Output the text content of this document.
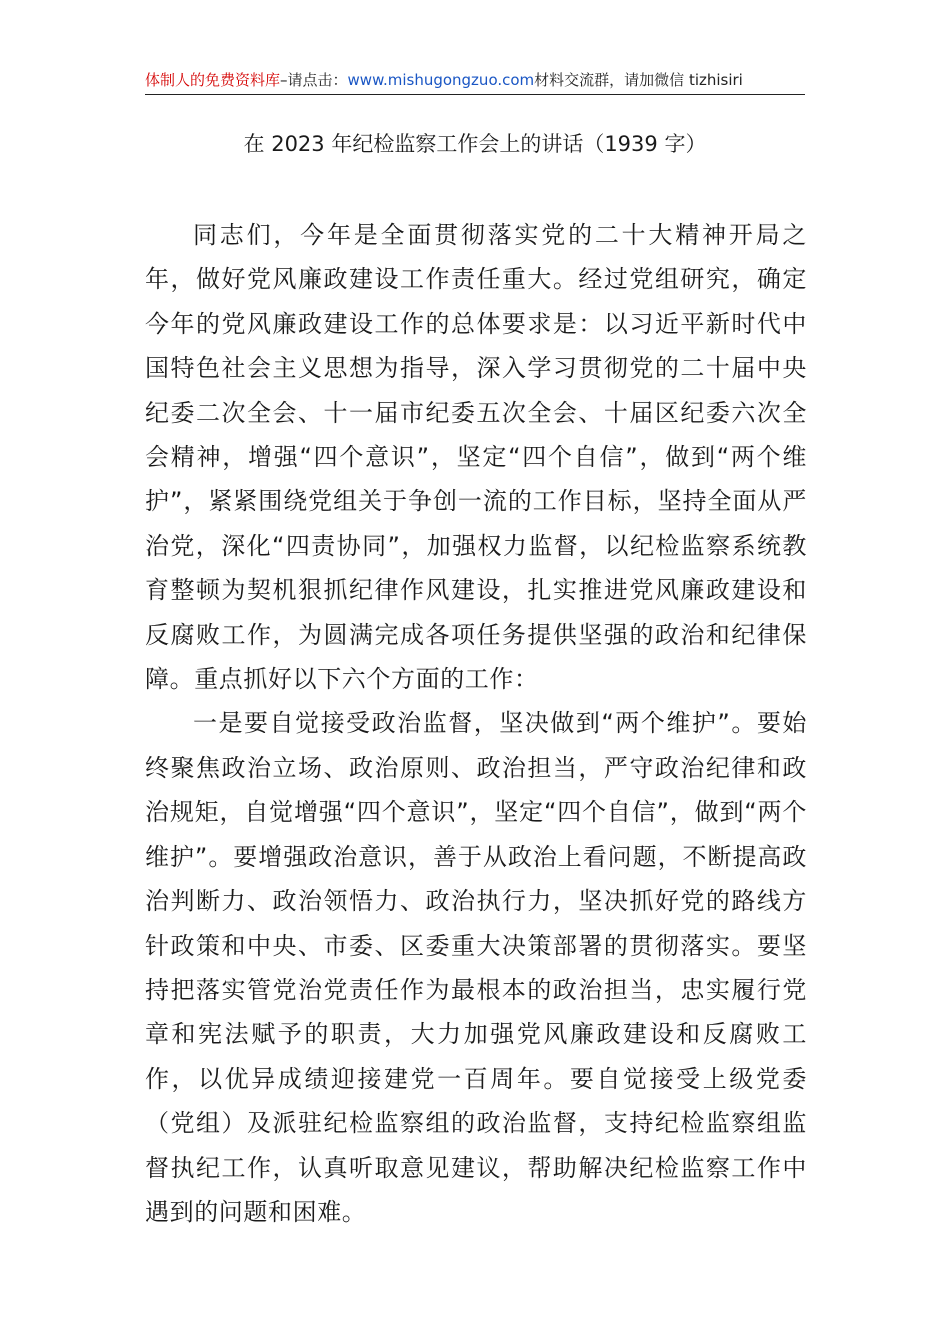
体制人的免费资料库–请点击：www.mishugongzuo.com材料交流群，请加微信 tizhisiri
在 2023 年纪检监察工作会上的讲话（1939 字）

同志们，今年是全面贯彻落实党的二十大精神开局之年，做好党风廉政建设工作责任重大。经过党组研究，确定今年的党风廉政建设工作的总体要求是：以习近平新时代中国特色社会主义思想为指导，深入学习贯彻党的二十届中央纪委二次全会、十一届市纪委五次全会、十届区纪委六次全会精神，增强“四个意识”，坚定“四个自信”，做到“两个维护”，紧紧围绕党组关于争创一流的工作目标，坚持全面从严治党，深化“四责协同”，加强权力监督，以纪检监察系统教育整顿为契机狠抓纪律作风建设，扎实推进党风廉政建设和反腐败工作，为圆满完成各项任务提供坚强的政治和纪律保障。重点抓好以下六个方面的工作：

一是要自觉接受政治监督，坚决做到“两个维护”。要始终聚焦政治立场、政治原则、政治担当，严守政治纪律和政治规矩，自觉增强“四个意识”，坚定“四个自信”，做到“两个维护”。要增强政治意识，善于从政治上看问题，不断提高政治判断力、政治领悟力、政治执行力，坚决抓好党的路线方针政策和中央、市委、区委重大决策部署的贯彻落实。要坚持把落实管党治党责任作为最根本的政治担当，忠实履行党章和宪法赋予的职责，大力加强党风廉政建设和反腐败工作，以优异成绩迎接建党一百周年。要自觉接受上级党委（党组）及派驻纪检监察组的政治监督，支持纪检监察组监督执纪工作，认真听取意见建议，帮助解决纪检监察工作中遇到的问题和困难。
